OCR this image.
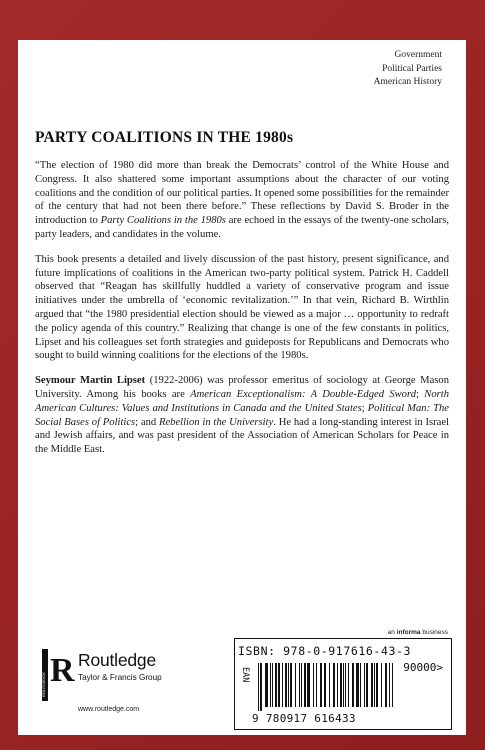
Government
Political Parties
American History
PARTY COALITIONS IN THE 1980s

“The election of 1980 did more than break the Democrats’ control of the White House and Congress. It also shattered some important assumptions about the character of our voting coalitions and the condition of our political parties. It opened some possibilities for the remainder of the century that had not been there before.” These reflections by David S. Broder in the introduction to Party Coalitions in the 1980s are echoed in the essays of the twenty-one scholars, party leaders, and candidates in the volume.

This book presents a detailed and lively discussion of the past history, present significance, and future implications of coalitions in the American two-party political system. Patrick H. Caddell observed that “Reagan has skillfully huddled a variety of conservative program and issue initiatives under the umbrella of ‘economic revitalization.’” In that vein, Richard B. Wirthlin argued that “the 1980 presidential election should be viewed as a major … opportunity to redraft the policy agenda of this country.” Realizing that change is one of the few constants in politics, Lipset and his colleagues set forth strategies and guideposts for Republicans and Democrats who sought to build winning coalitions for the elections of the 1980s.

Seymour Martin Lipset (1922-2006) was professor emeritus of sociology at George Mason University. Among his books are American Exceptionalism: A Double-Edged Sword; North American Cultures: Values and Institutions in Canada and the United States; Political Man: The Social Bases of Politics; and Rebellion in the University. He had a long-standing interest in Israel and Jewish affairs, and was past president of the Association of American Scholars for Peace in the Middle East.

an informa business
ISBN: 978-0-917616-43-3
EAN	90000>
9 780917 616433
ROUTLEDGE R Routledge
Taylor & Francis Group
www.routledge.com
